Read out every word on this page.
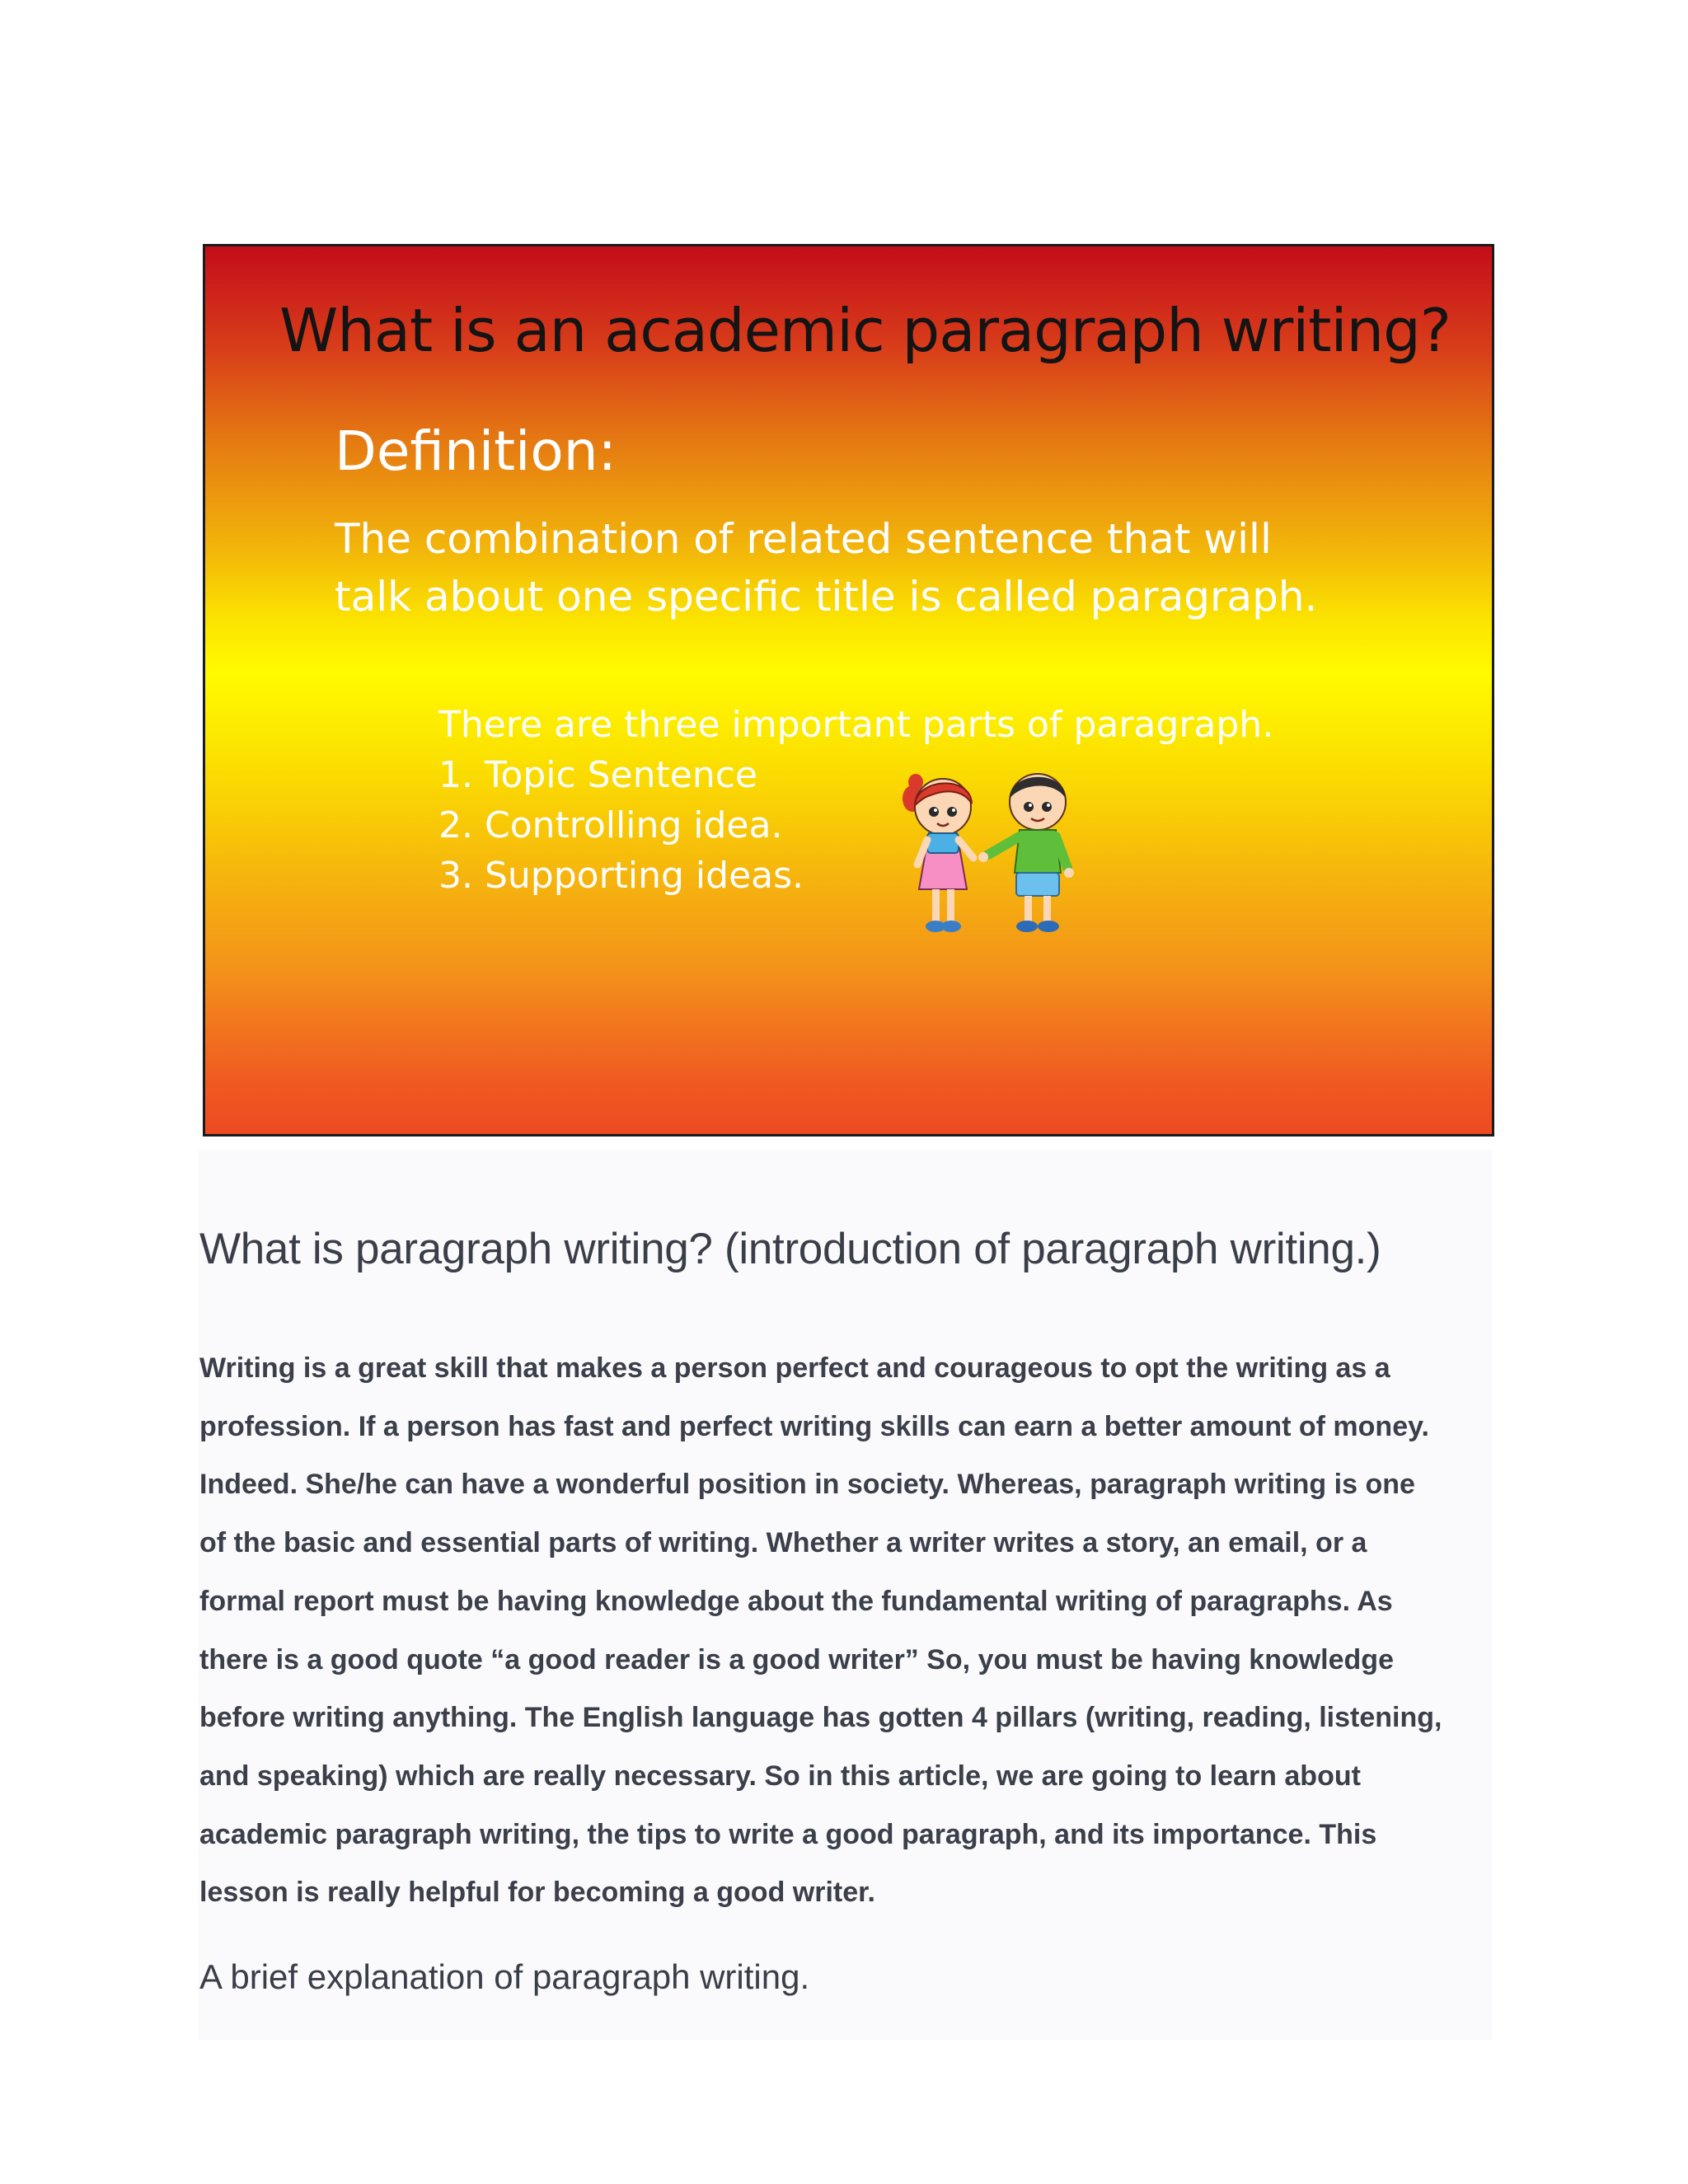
What is an academic paragraph writing?
Definition:
The combination of related sentence that will
talk about one specific title is called paragraph.
There are three important parts of paragraph.
1. Topic Sentence
2. Controlling idea.
3. Supporting ideas.
What is paragraph writing? (introduction of paragraph writing.)
Writing is a great skill that makes a person perfect and courageous to opt the writing as a
profession. If a person has fast and perfect writing skills can earn a better amount of money.
Indeed. She/he can have a wonderful position in society. Whereas, paragraph writing is one
of the basic and essential parts of writing. Whether a writer writes a story, an email, or a
formal report must be having knowledge about the fundamental writing of paragraphs. As
there is a good quote “a good reader is a good writer” So, you must be having knowledge
before writing anything. The English language has gotten 4 pillars (writing, reading, listening,
and speaking) which are really necessary. So in this article, we are going to learn about
academic paragraph writing, the tips to write a good paragraph, and its importance. This
lesson is really helpful for becoming a good writer.
A brief explanation of paragraph writing.
